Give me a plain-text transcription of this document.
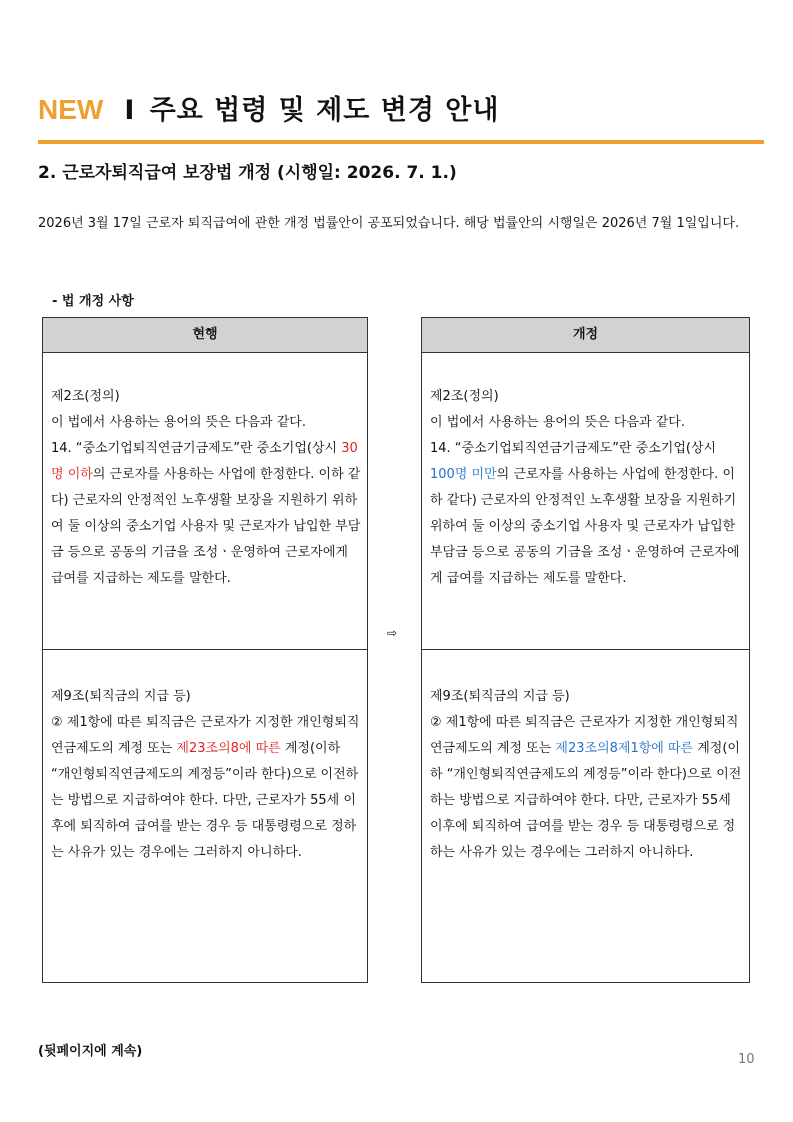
NEW I 주요 법령 및 제도 변경 안내
2. 근로자퇴직급여 보장법 개정 (시행일: 2026. 7. 1.)
2026년 3월 17일 근로자 퇴직급여에 관한 개정 법률안이 공포되었습니다. 해당 법률안의 시행일은 2026년 7월 1일입니다.
- 법 개정 사항
현행

제2조(정의)

이 법에서 사용하는 용어의 뜻은 다음과 같다.

14. “중소기업퇴직연금기금제도”란 중소기업(상시 30명 이하의 근로자를 사용하는 사업에 한정한다. 이하 같다) 근로자의 안정적인 노후생활 보장을 지원하기 위하여 둘 이상의 중소기업 사용자 및 근로자가 납입한 부담금 등으로 공동의 기금을 조성ㆍ운영하여 근로자에게 급여를 지급하는 제도를 말한다.

제9조(퇴직금의 지급 등)

② 제1항에 따른 퇴직금은 근로자가 지정한 개인형퇴직연금제도의 계정 또는 제23조의8에 따른 계정(이하 “개인형퇴직연금제도의 계정등”이라 한다)으로 이전하는 방법으로 지급하여야 한다. 다만, 근로자가 55세 이후에 퇴직하여 급여를 받는 경우 등 대통령령으로 정하는 사유가 있는 경우에는 그러하지 아니하다.

⇨
개정

제2조(정의)

이 법에서 사용하는 용어의 뜻은 다음과 같다.

14. “중소기업퇴직연금기금제도”란 중소기업(상시 100명 미만의 근로자를 사용하는 사업에 한정한다. 이하 같다) 근로자의 안정적인 노후생활 보장을 지원하기 위하여 둘 이상의 중소기업 사용자 및 근로자가 납입한 부담금 등으로 공동의 기금을 조성ㆍ운영하여 근로자에게 급여를 지급하는 제도를 말한다.

제9조(퇴직금의 지급 등)

② 제1항에 따른 퇴직금은 근로자가 지정한 개인형퇴직연금제도의 계정 또는 제23조의8제1항에 따른 계정(이하 “개인형퇴직연금제도의 계정등”이라 한다)으로 이전하는 방법으로 지급하여야 한다. 다만, 근로자가 55세 이후에 퇴직하여 급여를 받는 경우 등 대통령령으로 정하는 사유가 있는 경우에는 그러하지 아니하다.

(뒷페이지에 계속)
10
